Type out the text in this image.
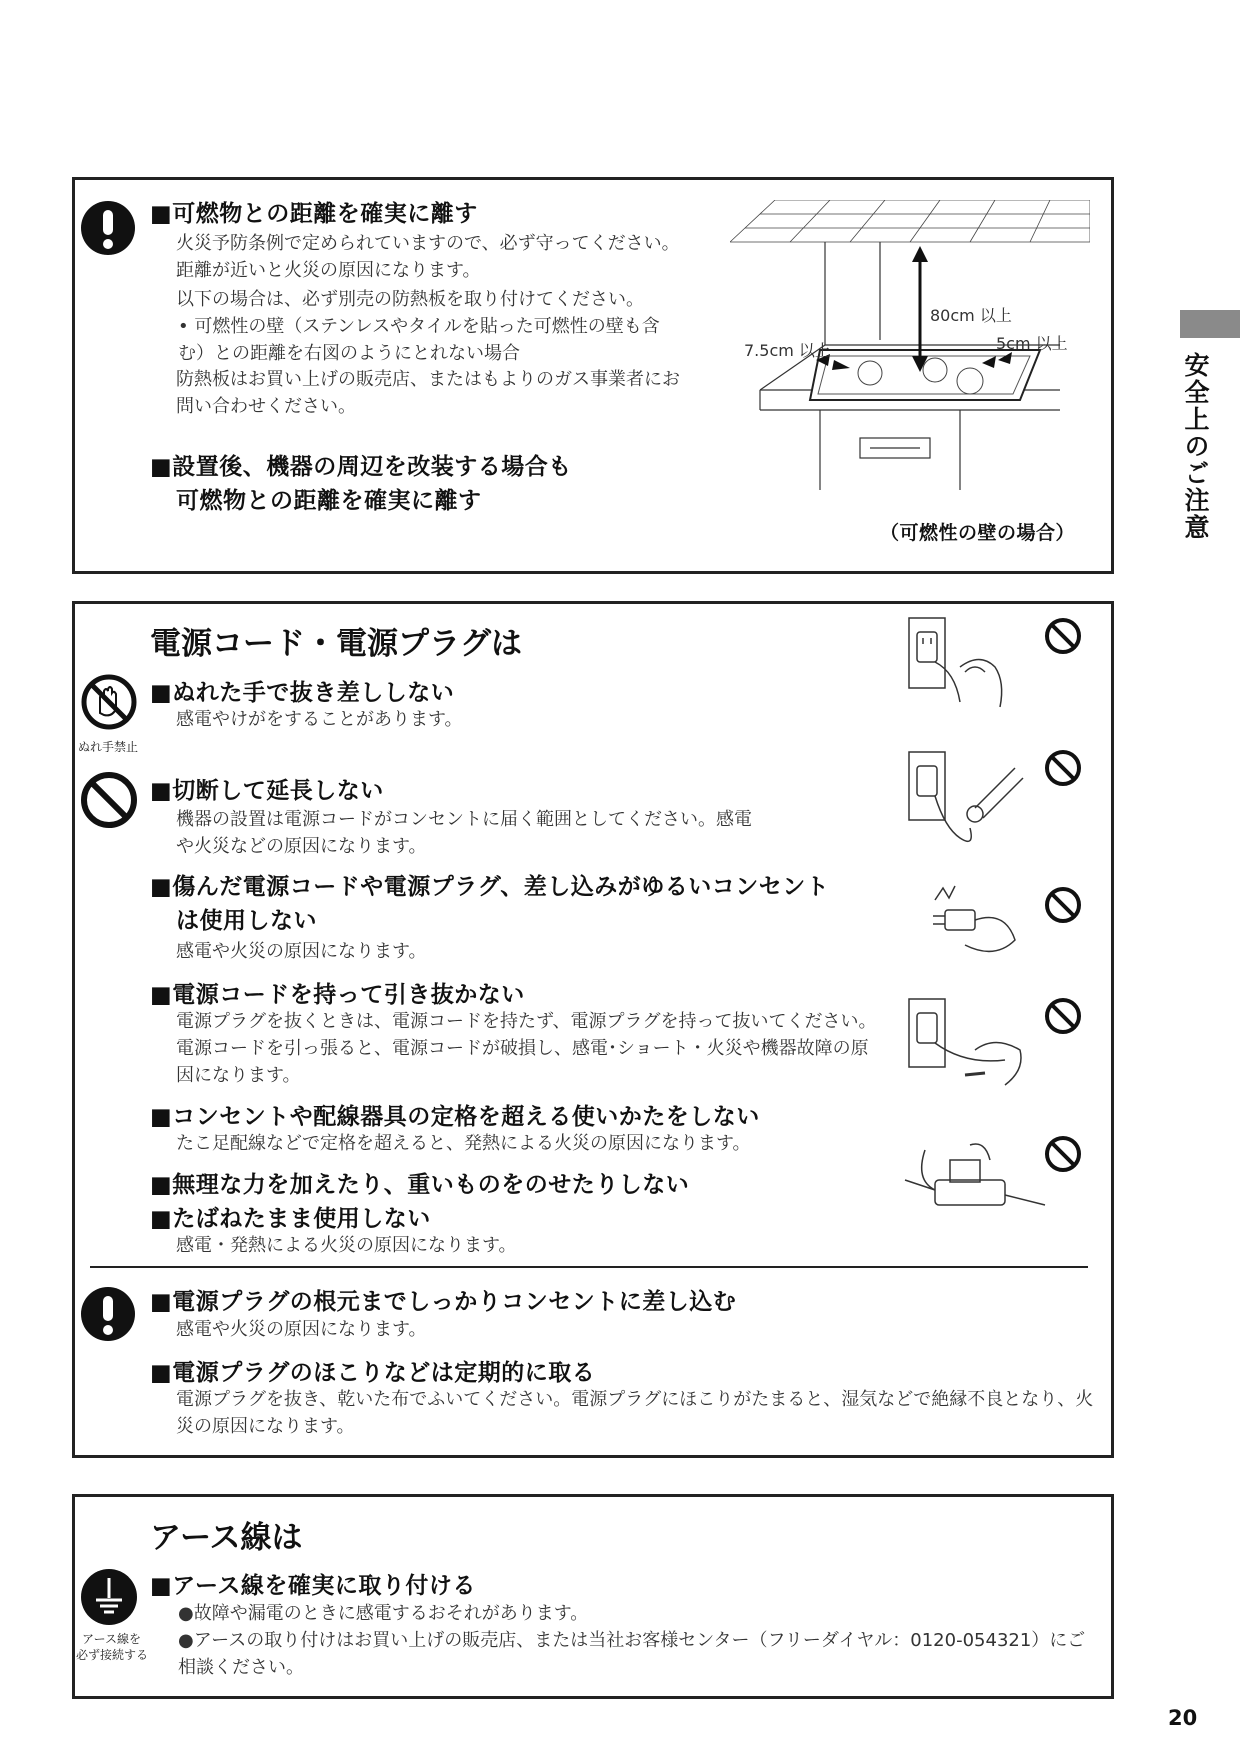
■可燃物との距離を確実に離す
火災予防条例で定められていますので、必ず守ってください。距離が近いと火災の原因になります。
以下の場合は、必ず別売の防熱板を取り付けてください。
• 可燃性の壁（ステンレスやタイルを貼った可燃性の壁も含む）との距離を右図のようにとれない場合
防熱板はお買い上げの販売店、またはもよりのガス事業者にお問い合わせください。
■設置後、機器の周辺を改装する場合も
可燃物との距離を確実に離す
80cm 以上
7.5cm 以上	5cm 以上
（可燃性の壁の場合）
電源コード・電源プラグは
ぬれ手禁止
■ぬれた手で抜き差ししない
感電やけがをすることがあります。
■切断して延長しない
機器の設置は電源コードがコンセントに届く範囲としてください。感電や火災などの原因になります。
■傷んだ電源コードや電源プラグ、差し込みがゆるいコンセント
は使用しない
感電や火災の原因になります。
■電源コードを持って引き抜かない
電源プラグを抜くときは、電源コードを持たず、電源プラグを持って抜いてください。電源コードを引っ張ると、電源コードが破損し、感電･ショート・火災や機器故障の原因になります。
■コンセントや配線器具の定格を超える使いかたをしない
たこ足配線などで定格を超えると、発熱による火災の原因になります。
■無理な力を加えたり、重いものをのせたりしない
■たばねたまま使用しない
感電・発熱による火災の原因になります。
■電源プラグの根元までしっかりコンセントに差し込む
感電や火災の原因になります。
■電源プラグのほこりなどは定期的に取る
電源プラグを抜き、乾いた布でふいてください。電源プラグにほこりがたまると、湿気などで絶縁不良となり、火災の原因になります。
アース線は
アース線を
必ず接続する
■アース線を確実に取り付ける
●故障や漏電のときに感電するおそれがあります。
●アースの取り付けはお買い上げの販売店、または当社お客様センター（フリーダイヤル：0120-054321）にご相談ください。
安全上のご注意
20
